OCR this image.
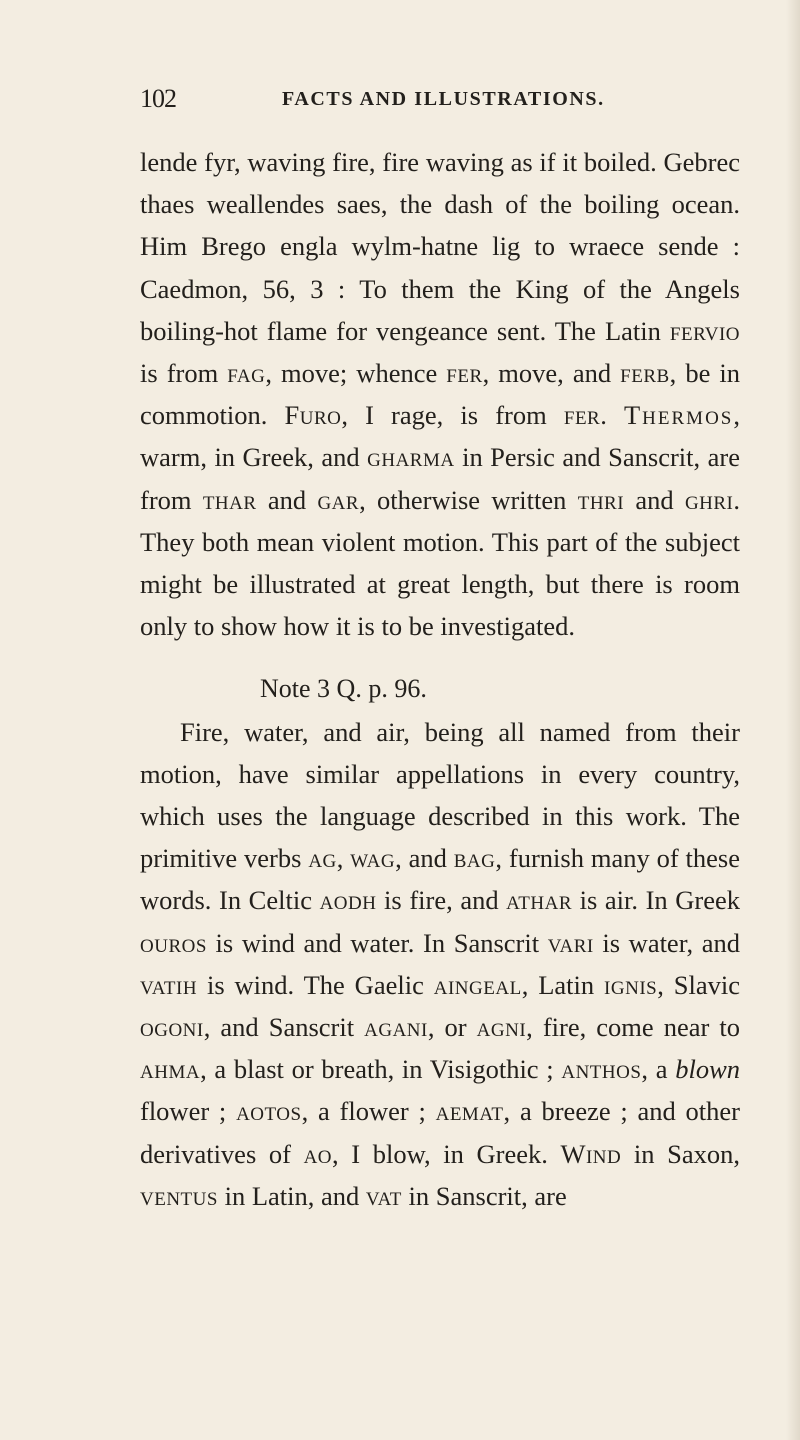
102	FACTS AND ILLUSTRATIONS.

lende fyr, waving fire, fire waving as if it boiled. Gebrec thaes weallendes saes, the dash of the boiling ocean. Him Brego engla wylm-hatne lig to wraece sende : Caedmon, 56, 3 : To them the King of the Angels boiling-hot flame for vengeance sent. The Latin fervio is from fag, move; whence fer, move, and ferb, be in commotion. Furo, I rage, is from fer. Thermos, warm, in Greek, and gharma in Persic and Sanscrit, are from thar and gar, otherwise written thri and ghri. They both mean violent motion. This part of the subject might be illustrated at great length, but there is room only to show how it is to be investigated.

Note 3 Q. p. 96.

Fire, water, and air, being all named from their motion, have similar appellations in every country, which uses the language described in this work. The primitive verbs ag, wag, and bag, furnish many of these words. In Celtic aodh is fire, and athar is air. In Greek ouros is wind and water. In Sanscrit vari is water, and vatih is wind. The Gaelic aingeal, Latin ignis, Slavic ogoni, and Sanscrit agani, or agni, fire, come near to ahma, a blast or breath, in Visigothic ; anthos, a blown flower ; aotos, a flower ; aemat, a breeze ; and other derivatives of ao, I blow, in Greek. Wind in Saxon, ventus in Latin, and vat in Sanscrit, are
